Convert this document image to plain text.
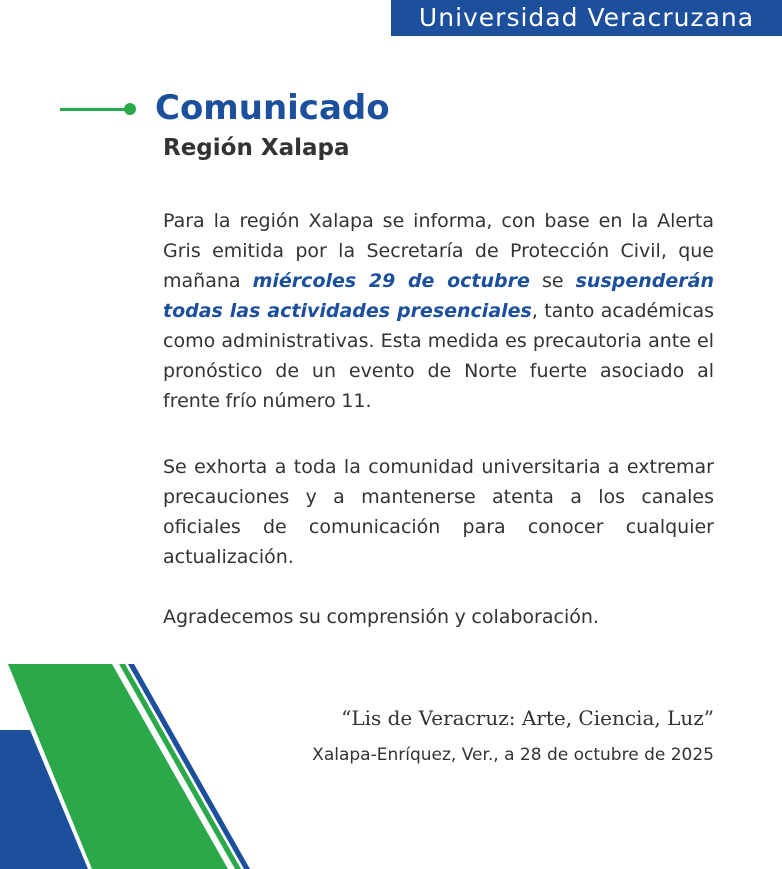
Universidad Veracruzana
Comunicado
Región Xalapa

Para la región Xalapa se informa, con base en la Alerta Gris emitida por la Secretaría de Protección Civil, que mañana miércoles 29 de octubre se suspenderán todas las actividades presenciales, tanto académicas como administrativas. Esta medida es precautoria ante el pronóstico de un evento de Norte fuerte asociado al frente frío número 11.

Se exhorta a toda la comunidad universitaria a extremar precauciones y a mantenerse atenta a los canales oficiales de comunicación para conocer cualquier actualización.

Agradecemos su comprensión y colaboración.

“Lis de Veracruz: Arte, Ciencia, Luz”

Xalapa-Enríquez, Ver., a 28 de octubre de 2025
